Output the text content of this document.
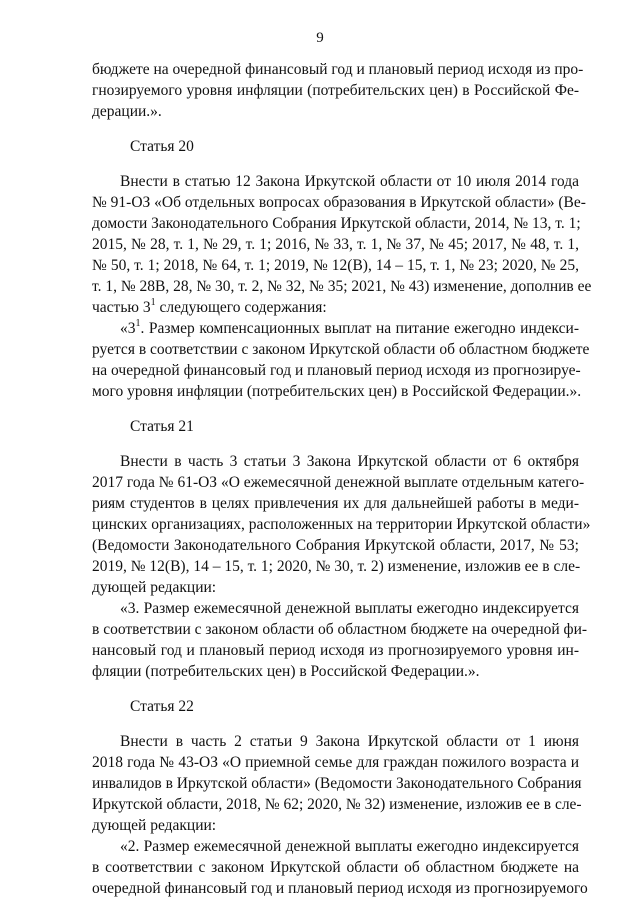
9
бюджете на очередной финансовый год и плановый период исходя из про-
гнозируемого уровня инфляции (потребительских цен) в Российской Фе-
дерации.».
Статья 20
Внести в статью 12 Закона Иркутской области от 10 июля 2014 года
№ 91-ОЗ «Об отдельных вопросах образования в Иркутской области» (Ве-
домости Законодательного Собрания Иркутской области, 2014, № 13, т. 1;
2015, № 28, т. 1, № 29, т. 1; 2016, № 33, т. 1, № 37, № 45; 2017, № 48, т. 1,
№ 50, т. 1; 2018, № 64, т. 1; 2019, № 12(В), 14 – 15, т. 1, № 23; 2020, № 25,
т. 1, № 28В, 28, № 30, т. 2, № 32, № 35; 2021, № 43) изменение, дополнив ее
частью $3^1$ следующего содержания:
«$3^1$. Размер компенсационных выплат на питание ежегодно индекси-
руется в соответствии с законом Иркутской области об областном бюджете
на очередной финансовый год и плановый период исходя из прогнозируе-
мого уровня инфляции (потребительских цен) в Российской Федерации.».
Статья 21
Внести в часть 3 статьи 3 Закона Иркутской области от 6 октября
2017 года № 61-ОЗ «О ежемесячной денежной выплате отдельным катего-
риям студентов в целях привлечения их для дальнейшей работы в меди-
цинских организациях, расположенных на территории Иркутской области»
(Ведомости Законодательного Собрания Иркутской области, 2017, № 53;
2019, № 12(В), 14 – 15, т. 1; 2020, № 30, т. 2) изменение, изложив ее в сле-
дующей редакции:
«3. Размер ежемесячной денежной выплаты ежегодно индексируется
в соответствии с законом области об областном бюджете на очередной фи-
нансовый год и плановый период исходя из прогнозируемого уровня ин-
фляции (потребительских цен) в Российской Федерации.».
Статья 22
Внести в часть 2 статьи 9 Закона Иркутской области от 1 июня
2018 года № 43-ОЗ «О приемной семье для граждан пожилого возраста и
инвалидов в Иркутской области» (Ведомости Законодательного Собрания
Иркутской области, 2018, № 62; 2020, № 32) изменение, изложив ее в сле-
дующей редакции:
«2. Размер ежемесячной денежной выплаты ежегодно индексируется
в соответствии с законом Иркутской области об областном бюджете на
очередной финансовый год и плановый период исходя из прогнозируемого
